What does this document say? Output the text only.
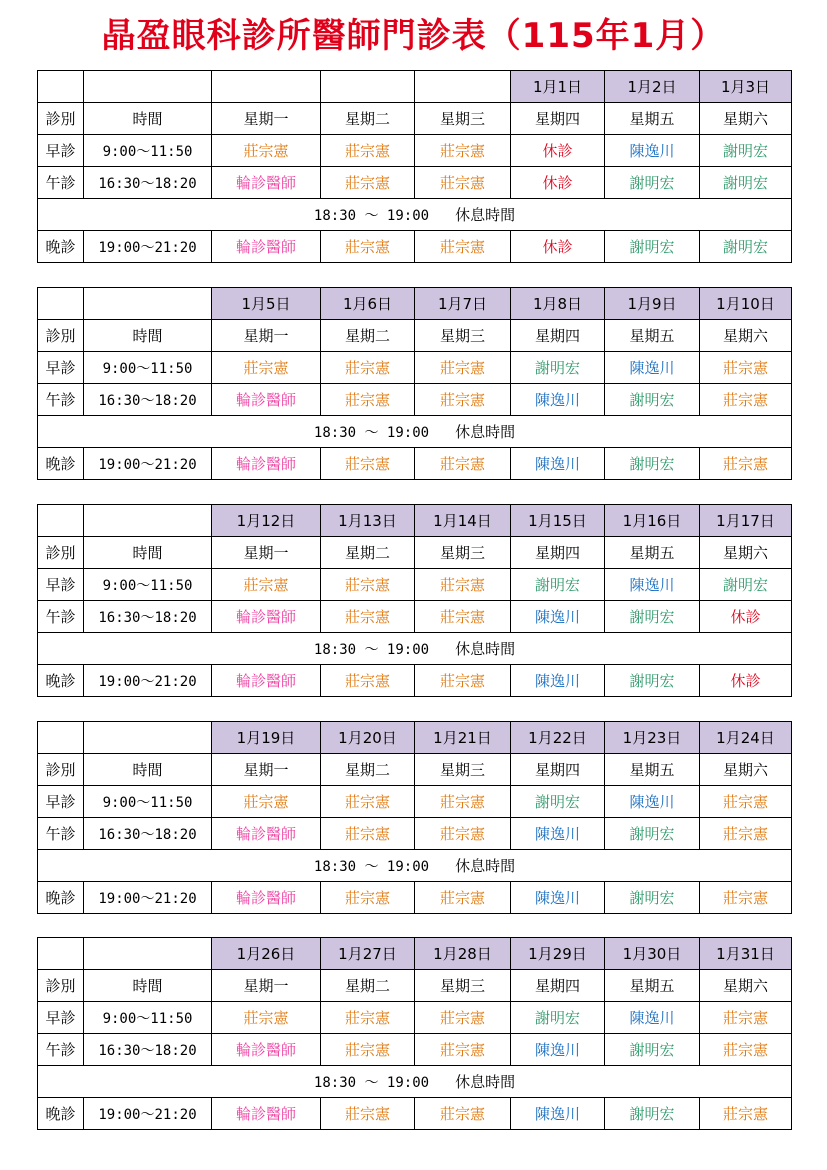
晶盈眼科診所醫師門診表（115年1月）
					1月1日	1月2日	1月3日
診別	時間	星期一	星期二	星期三	星期四	星期五	星期六
早診	9:00～11:50	莊宗憲	莊宗憲	莊宗憲	休診	陳逸川	謝明宏
午診	16:30～18:20	輪診醫師	莊宗憲	莊宗憲	休診	謝明宏	謝明宏
18:30 ～ 19:00 休息時間							
晚診	19:00～21:20	輪診醫師	莊宗憲	莊宗憲	休診	謝明宏	謝明宏
		1月5日	1月6日	1月7日	1月8日	1月9日	1月10日
診別	時間	星期一	星期二	星期三	星期四	星期五	星期六
早診	9:00～11:50	莊宗憲	莊宗憲	莊宗憲	謝明宏	陳逸川	莊宗憲
午診	16:30～18:20	輪診醫師	莊宗憲	莊宗憲	陳逸川	謝明宏	莊宗憲
18:30 ～ 19:00 休息時間							
晚診	19:00～21:20	輪診醫師	莊宗憲	莊宗憲	陳逸川	謝明宏	莊宗憲
		1月12日	1月13日	1月14日	1月15日	1月16日	1月17日
診別	時間	星期一	星期二	星期三	星期四	星期五	星期六
早診	9:00～11:50	莊宗憲	莊宗憲	莊宗憲	謝明宏	陳逸川	謝明宏
午診	16:30～18:20	輪診醫師	莊宗憲	莊宗憲	陳逸川	謝明宏	休診
18:30 ～ 19:00 休息時間							
晚診	19:00～21:20	輪診醫師	莊宗憲	莊宗憲	陳逸川	謝明宏	休診
		1月19日	1月20日	1月21日	1月22日	1月23日	1月24日
診別	時間	星期一	星期二	星期三	星期四	星期五	星期六
早診	9:00～11:50	莊宗憲	莊宗憲	莊宗憲	謝明宏	陳逸川	莊宗憲
午診	16:30～18:20	輪診醫師	莊宗憲	莊宗憲	陳逸川	謝明宏	莊宗憲
18:30 ～ 19:00 休息時間							
晚診	19:00～21:20	輪診醫師	莊宗憲	莊宗憲	陳逸川	謝明宏	莊宗憲
		1月26日	1月27日	1月28日	1月29日	1月30日	1月31日
診別	時間	星期一	星期二	星期三	星期四	星期五	星期六
早診	9:00～11:50	莊宗憲	莊宗憲	莊宗憲	謝明宏	陳逸川	莊宗憲
午診	16:30～18:20	輪診醫師	莊宗憲	莊宗憲	陳逸川	謝明宏	莊宗憲
18:30 ～ 19:00 休息時間							
晚診	19:00～21:20	輪診醫師	莊宗憲	莊宗憲	陳逸川	謝明宏	莊宗憲
